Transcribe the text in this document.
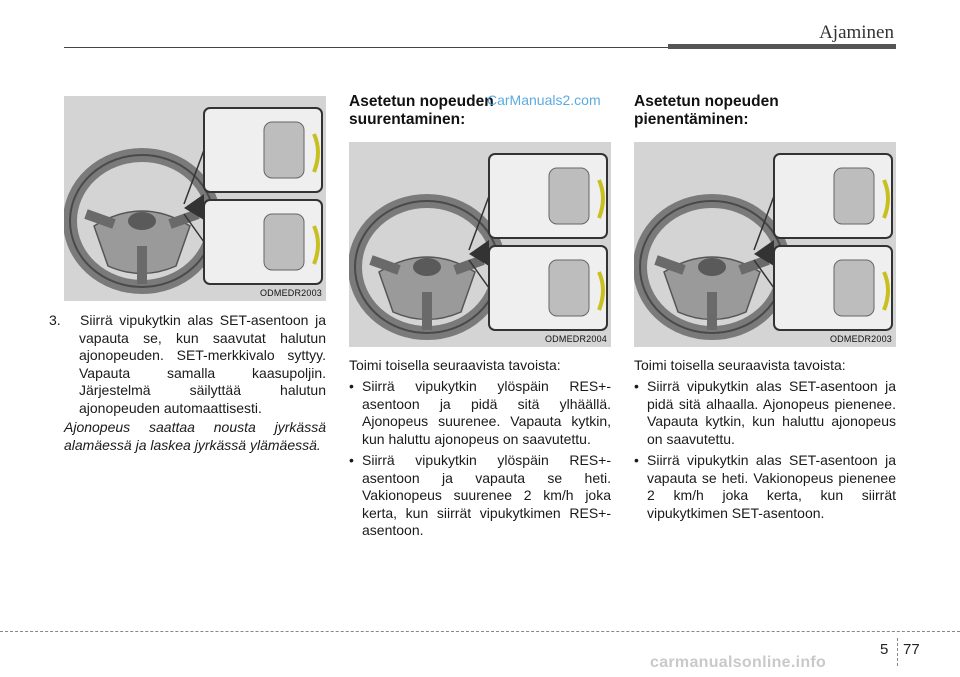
Ajaminen
ODMEDR2003
3. Siirrä vipukytkin alas SET-asentoon ja vapauta se, kun saavutat halutun ajonopeuden. SET-merkkivalo syttyy. Vapauta samalla kaasupoljin. Järjestelmä säilyttää halutun ajonopeuden automaattisesti.
Ajonopeus saattaa nousta jyrkässä alamäessä ja laskea jyrkässä ylämäessä.
Asetetun nopeuden
suurentaminen:
CarManuals2.com
ODMEDR2004
Toimi toisella seuraavista tavoista:
• Siirrä vipukytkin ylöspäin RES+-asentoon ja pidä sitä ylhäällä. Ajonopeus suurenee. Vapauta kytkin, kun haluttu ajonopeus on saavutettu.
• Siirrä vipukytkin ylöspäin RES+-asentoon ja vapauta se heti. Vakionopeus suurenee 2 km/h joka kerta, kun siirrät vipukytkimen RES+-asentoon.
Asetetun nopeuden
pienentäminen:
ODMEDR2003
Toimi toisella seuraavista tavoista:
• Siirrä vipukytkin alas SET-asentoon ja pidä sitä alhaalla. Ajonopeus pienenee. Vapauta kytkin, kun haluttu ajonopeus on saavutettu.
• Siirrä vipukytkin alas SET-asentoon ja vapauta se heti. Vakionopeus pienenee 2 km/h joka kerta, kun siirrät vipukytkimen SET-asentoon.
5 77
carmanualsonline.info
